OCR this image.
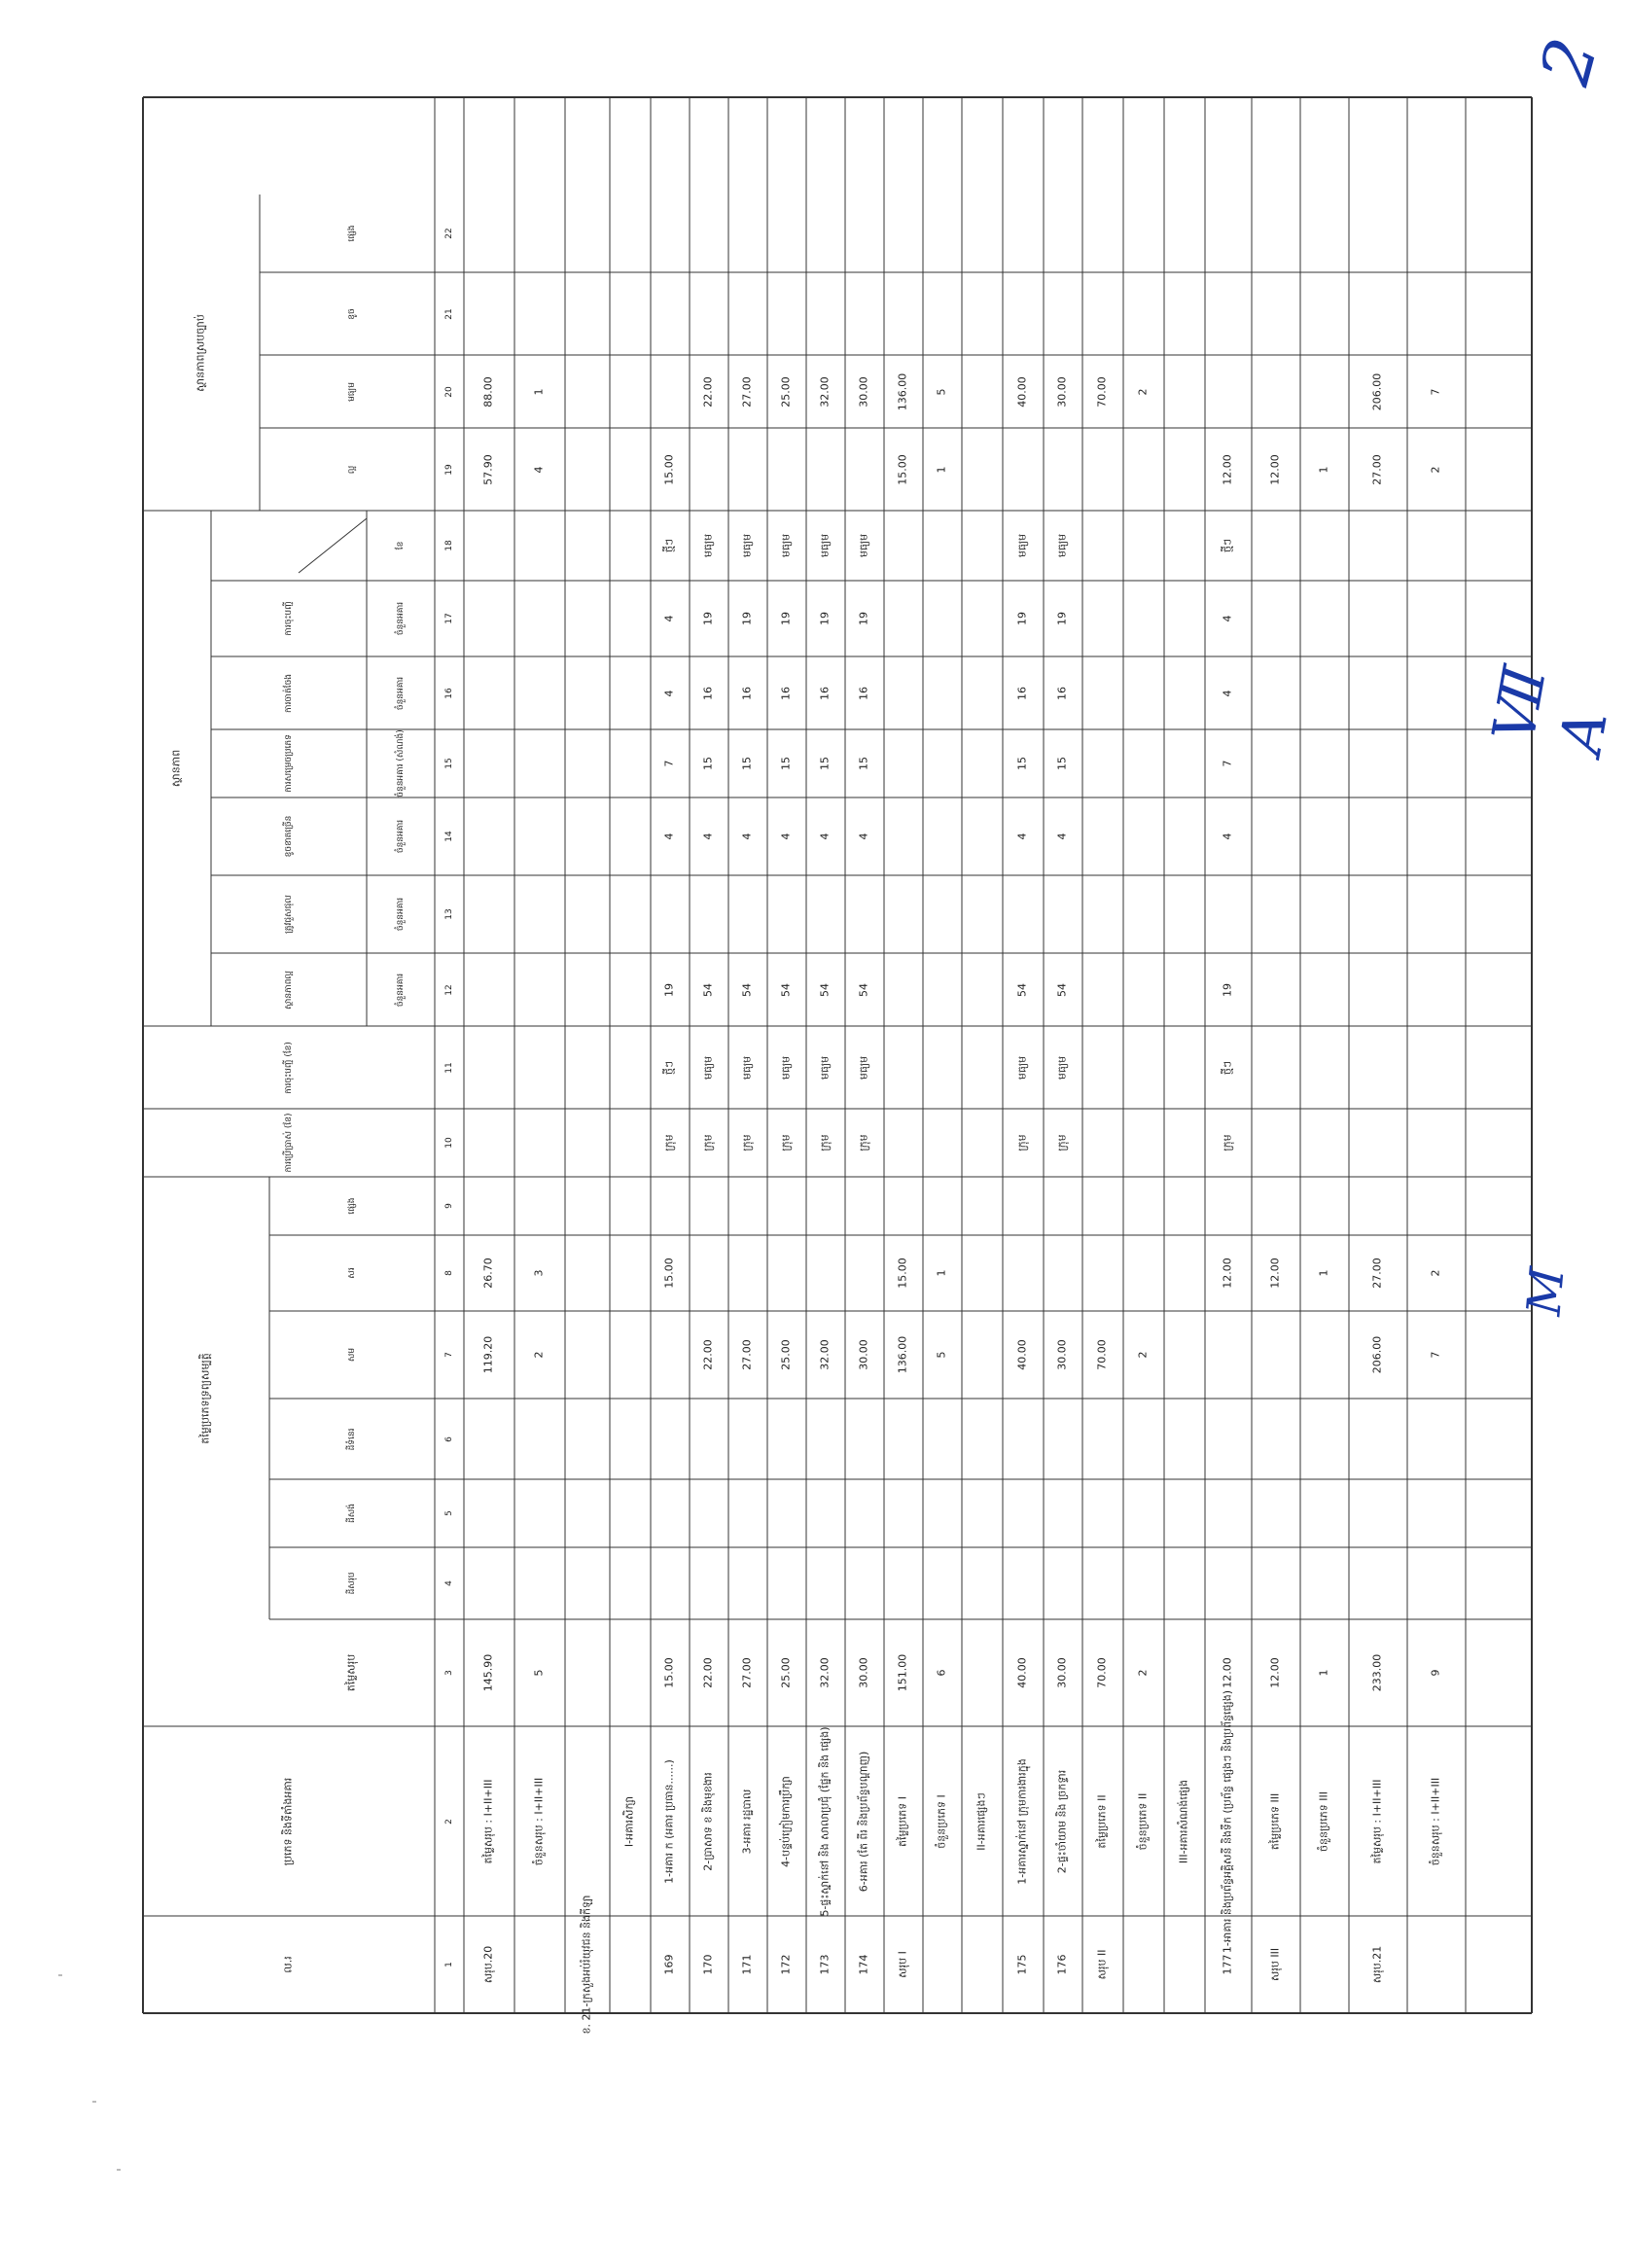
ល.រ
ប្រភេទ និងទីតាំងអគារ
តម្លៃសរុប
តម្លៃប្រភេទទ្រព្យសម្បត្តិ
ដីសរុប
ដីសង់
ដីទំនេរ
សម
សរ
ផ្សេង
ការប្រើប្រាស់ (ខែ)
ការចុះបញ្ជី (ខែ)
ស្ថានភាព
ស្ថានភាពល្អ
ត្រូវជួសជុល
ខូចខាតច្រើន
ការសម្រេចប្រភេទ
ការចាត់ចែង
ការចុះបញ្ជី
ចំនួនអគារ
ចំនួនអគារ
ចំនួនអគារ
ចំនួនអគារ
ចំនួនអគារ
ចំនួនអគារ (សំណង់)
ខែ
ស្ថានភាពស្របច្បាប់
ល្អ
មធ្យម
ខូច
ផ្សេង
1
2
3
4
5
6
7
8
9
10
11
12
13
14
15
16
17
18
19
20
21
22
សរុប.20
តម្លៃសរុប : I+II+III
145.90
119.20
26.70
57.90
88.00
ចំនួនសរុប : I+II+III
5
2
3
4
1
ខ. 21-ក្រសួងអប់រំយុវជន និងកីឡា
I-អគារសិក្សា
169
1-អគារ ក (អគារ ប្រធាន......)
15.00
15.00
ក្រុម
ថ្មីៗ
19
4
7
4
4
ថ្មីៗ
15.00
170
2-ប្រាសាទ ខ និងមុខងារ
22.00
22.00
ក្រុម
មធ្យម
54
4
15
16
19
មធ្យម
22.00
171
3-អគារ រដ្ឋបាល
27.00
27.00
ក្រុម
មធ្យម
54
4
15
16
19
មធ្យម
27.00
172
4-បន្ទប់ក្រៀមការប្រឹក្សា
25.00
25.00
ក្រុម
មធ្យម
54
4
15
16
19
មធ្យម
25.00
173
5-ផ្ទះស្នាក់នៅ និង សាលាប្រជុំ (ផ្នែក និង ផ្សេង)
32.00
32.00
ក្រុម
មធ្យម
54
4
15
16
19
មធ្យម
32.00
174
6-អគារ (តែ ពីរ និងប្រព័ន្ធបណ្ដាញ)
30.00
30.00
ក្រុម
មធ្យម
54
4
15
16
19
មធ្យម
30.00
សរុប I
តម្លៃប្រភេទ I
151.00
136.00
15.00
15.00
136.00
ចំនួនប្រភេទ I
6
5
1
1
5
II-អគារផ្សេងៗ
175
1-អគារស្នាក់នៅ ក្រុមការងារក្នុង
40.00
40.00
ក្រុម
មធ្យម
54
4
15
16
19
មធ្យម
40.00
176
2-ផ្ទះចាំយាម និង ច្រកទ្វារ
30.00
30.00
ក្រុម
មធ្យម
54
4
15
16
19
មធ្យម
30.00
សរុប II
តម្លៃប្រភេទ II
70.00
70.00
70.00
ចំនួនប្រភេទ II
2
2
2
III-អគារសំណង់ផ្សេង
177
1-អាគារ និងប្រព័ន្ធអគ្គិសនី និងទឹក (ប្រព័ន្ធ ផ្សេងៗ និងប្រព័ន្ធផ្សេង)
12.00
12.00
ក្រុម
ថ្មីៗ
19
4
7
4
4
ថ្មីៗ
12.00
សរុប III
តម្លៃប្រភេទ III
12.00
12.00
12.00
ចំនួនប្រភេទ III
1
1
1
សរុប.21
តម្លៃសរុប : I+II+III
233.00
206.00
27.00
27.00
206.00
ចំនួនសរុប : I+II+III
9
7
2
2
7
2
Ⅶ A
M
